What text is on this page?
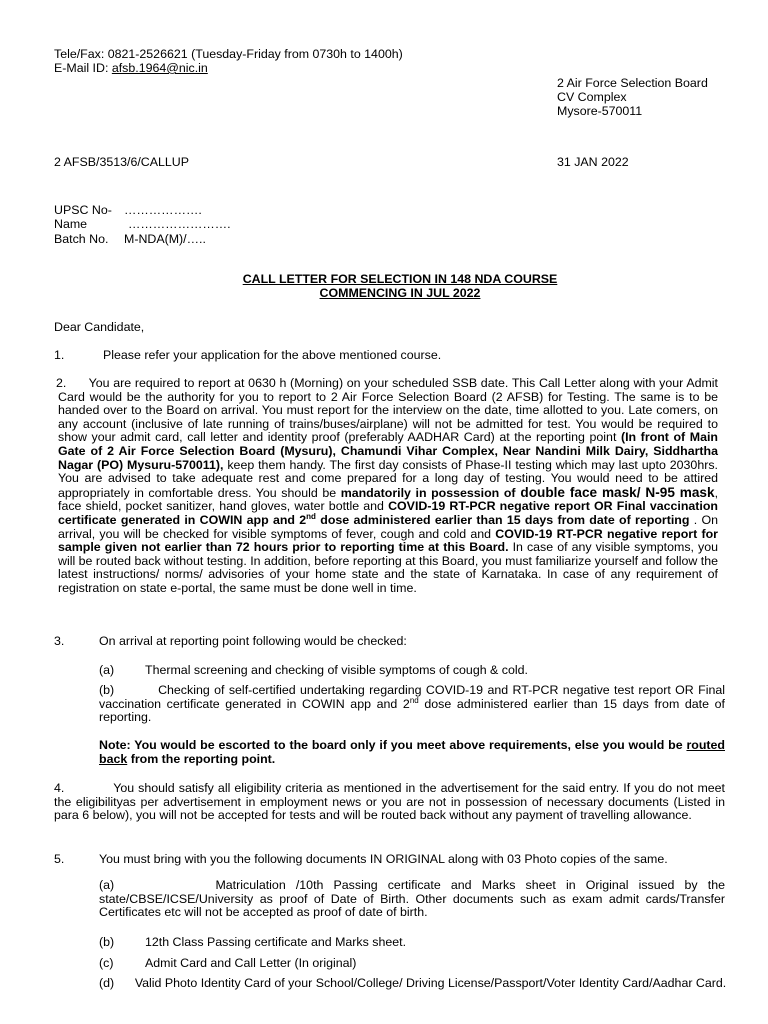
Tele/Fax: 0821-2526621 (Tuesday-Friday from 0730h to 1400h)
E-Mail ID: afsb.1964@nic.in
2 Air Force Selection Board
CV Complex
Mysore-570011
2 AFSB/3513/6/CALLUP	31 JAN 2022
UPSC No- ……………….
Name	…………………….
Batch No. M-NDA(M)/…..
CALL LETTER FOR SELECTION IN 148 NDA COURSE
COMMENCING IN JUL 2022
Dear Candidate,
1.	Please refer your application for the above mentioned course.
2. You are required to report at 0630 h (Morning) on your scheduled SSB date. This Call Letter along with your Admit Card would be the authority for you to report to 2 Air Force Selection Board (2 AFSB) for Testing. The same is to be handed over to the Board on arrival. You must report for the interview on the date, time allotted to you. Late comers, on any account (inclusive of late running of trains/buses/airplane) will not be admitted for test. You would be required to show your admit card, call letter and identity proof (preferably AADHAR Card) at the reporting point (In front of Main Gate of 2 Air Force Selection Board (Mysuru), Chamundi Vihar Complex, Near Nandini Milk Dairy, Siddhartha Nagar (PO) Mysuru-570011), keep them handy. The first day consists of Phase-II testing which may last upto 2030hrs. You are advised to take adequate rest and come prepared for a long day of testing. You would need to be attired appropriately in comfortable dress. You should be mandatorily in possession of double face mask/ N-95 mask, face shield, pocket sanitizer, hand gloves, water bottle and COVID-19 RT-PCR negative report OR Final vaccination certificate generated in COWIN app and 2nd dose administered earlier than 15 days from date of reporting . On arrival, you will be checked for visible symptoms of fever, cough and cold and COVID-19 RT-PCR negative report for sample given not earlier than 72 hours prior to reporting time at this Board. In case of any visible symptoms, you will be routed back without testing. In addition, before reporting at this Board, you must familiarize yourself and follow the latest instructions/ norms/ advisories of your home state and the state of Karnataka. In case of any requirement of registration on state e-portal, the same must be done well in time.
3.	On arrival at reporting point following would be checked:
(a) Thermal screening and checking of visible symptoms of cough & cold.
(b)	Checking of self-certified undertaking regarding COVID-19 and RT-PCR negative test report OR Final vaccination certificate generated in COWIN app and 2nd dose administered earlier than 15 days from date of reporting.
Note: You would be escorted to the board only if you meet above requirements, else you would be routed back from the reporting point.
4.	You should satisfy all eligibility criteria as mentioned in the advertisement for the said entry. If you do not meet the eligibilityas per advertisement in employment news or you are not in possession of necessary documents (Listed in para 6 below), you will not be accepted for tests and will be routed back without any payment of travelling allowance.
5.	You must bring with you the following documents IN ORIGINAL along with 03 Photo copies of the same.
(a)	Matriculation /10th Passing certificate and Marks sheet in Original issued by the state/CBSE/ICSE/University as proof of Date of Birth. Other documents such as exam admit cards/Transfer Certificates etc will not be accepted as proof of date of birth.
(b) 12th Class Passing certificate and Marks sheet.
(c)	Admit Card and Call Letter (In original)
(d) Valid Photo Identity Card of your School/College/ Driving License/Passport/Voter Identity Card/Aadhar Card.
